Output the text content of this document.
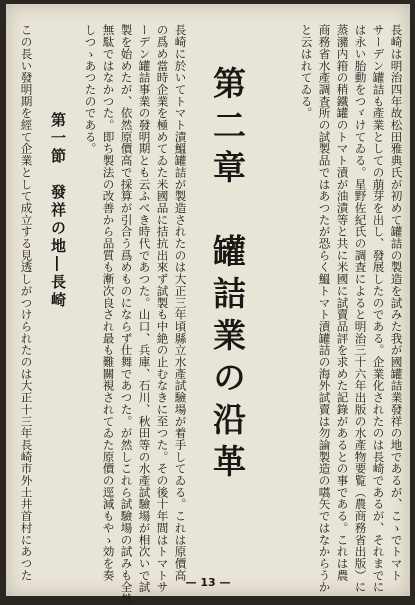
長崎は明治四年故松田雅典氏が初めて罐詰の製造を試みた我が國罐詰業發祥の地であるが、こゝでトマト
サーデン罐詰も產業としての萠芽を出し、發展したのである。企業化されたのは長崎であるが、それまでに
は永い胎動をつゞけてゐる。星野佐紀氏の調査によると明治三十六年出版の水產物要覧（農商務省出版）に
蒸瀦内箝の稍鐵罐のトマト漬が油漬等と共に米國に試賣品評を求めた記錄があるとの事である。これは農
商務省水產調査所の試製品ではあつたが恐らく鰮トマト漬罐詰の海外試賣は勿論製造の嚆矢ではなからうか
と云はれてゐる。
第二章　罐詰業の沿革
長崎に於いてトマト漬鰮罐詰が製造されたのは大正三年頃縣立水產試驗場が着手してゐる。これは原價高
の爲め當時企業を極めてゐた米國品に拮抗出來ず試製も中絶の止むなきに至つた。その後十年間はトマトサ
ーデン罐詰事業の發明期とも云ふべき時代であつた。山口、兵庫、石川、秋田等の水產試驗場が相次いで試
製を始めたが、依然原價高で採算が引合う爲めものにならず仕舞であつた。が然しこれら試驗場の試みも全然
無駄ではなかつた。即ち製法の改善から品質も漸次良され最も難關視されてゐた原價の逕減もやゝ効を奏
しつゝあつたのである。
第一節　發祥の地―長崎
この長い發明期を經て企業として成立する見透しがつけられたのは大正十三年長崎市外土井首村にあつた
— 13 —
